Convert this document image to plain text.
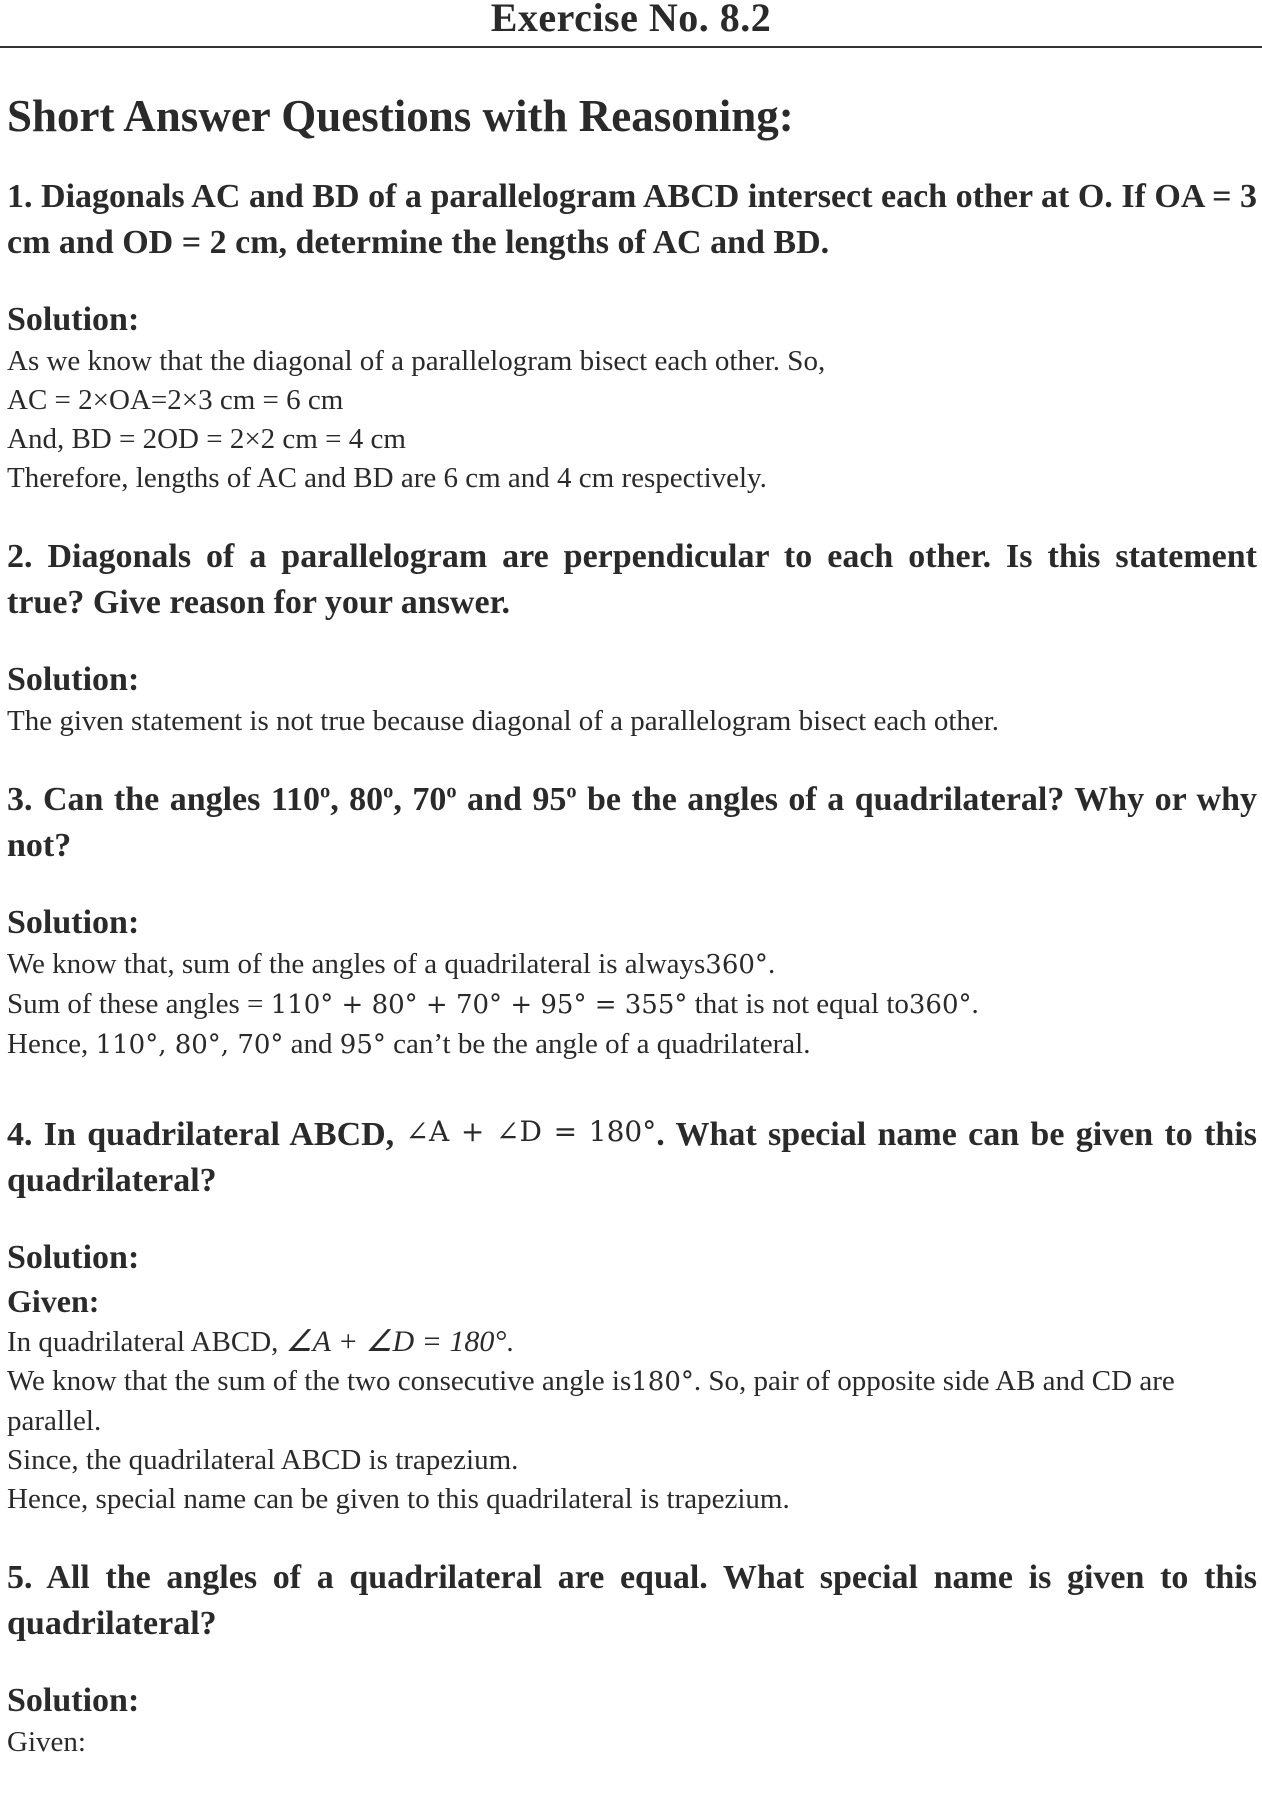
Exercise No. 8.2
Short Answer Questions with Reasoning:

1. Diagonals AC and BD of a parallelogram ABCD intersect each other at O. If OA = 3 cm and OD = 2 cm, determine the lengths of AC and BD.

Solution:

As we know that the diagonal of a parallelogram bisect each other. So,

AC = 2×OA=2×3 cm = 6 cm

And, BD = 2OD = 2×2 cm = 4 cm

Therefore, lengths of AC and BD are 6 cm and 4 cm respectively.

2. Diagonals of a parallelogram are perpendicular to each other. Is this statement true? Give reason for your answer.

Solution:

The given statement is not true because diagonal of a parallelogram bisect each other.

3. Can the angles 110$^o$, 80$^o$, 70$^o$ and 95$^o$ be the angles of a quadrilateral? Why or why not?

Solution:

We know that, sum of the angles of a quadrilateral is always360°.

Sum of these angles = 110° + 80° + 70° + 95° = 355° that is not equal to360°.

Hence, 110°, 80°, 70° and 95° can’t be the angle of a quadrilateral.

4. In quadrilateral ABCD, ∠A + ∠D = 180°. What special name can be given to this quadrilateral?

Solution:

Given:

In quadrilateral ABCD, ∠A + ∠D = 180°.

We know that the sum of the two consecutive angle is180°. So, pair of opposite side AB and CD are parallel.

Since, the quadrilateral ABCD is trapezium.

Hence, special name can be given to this quadrilateral is trapezium.

5. All the angles of a quadrilateral are equal. What special name is given to this quadrilateral?

Solution:

Given:
